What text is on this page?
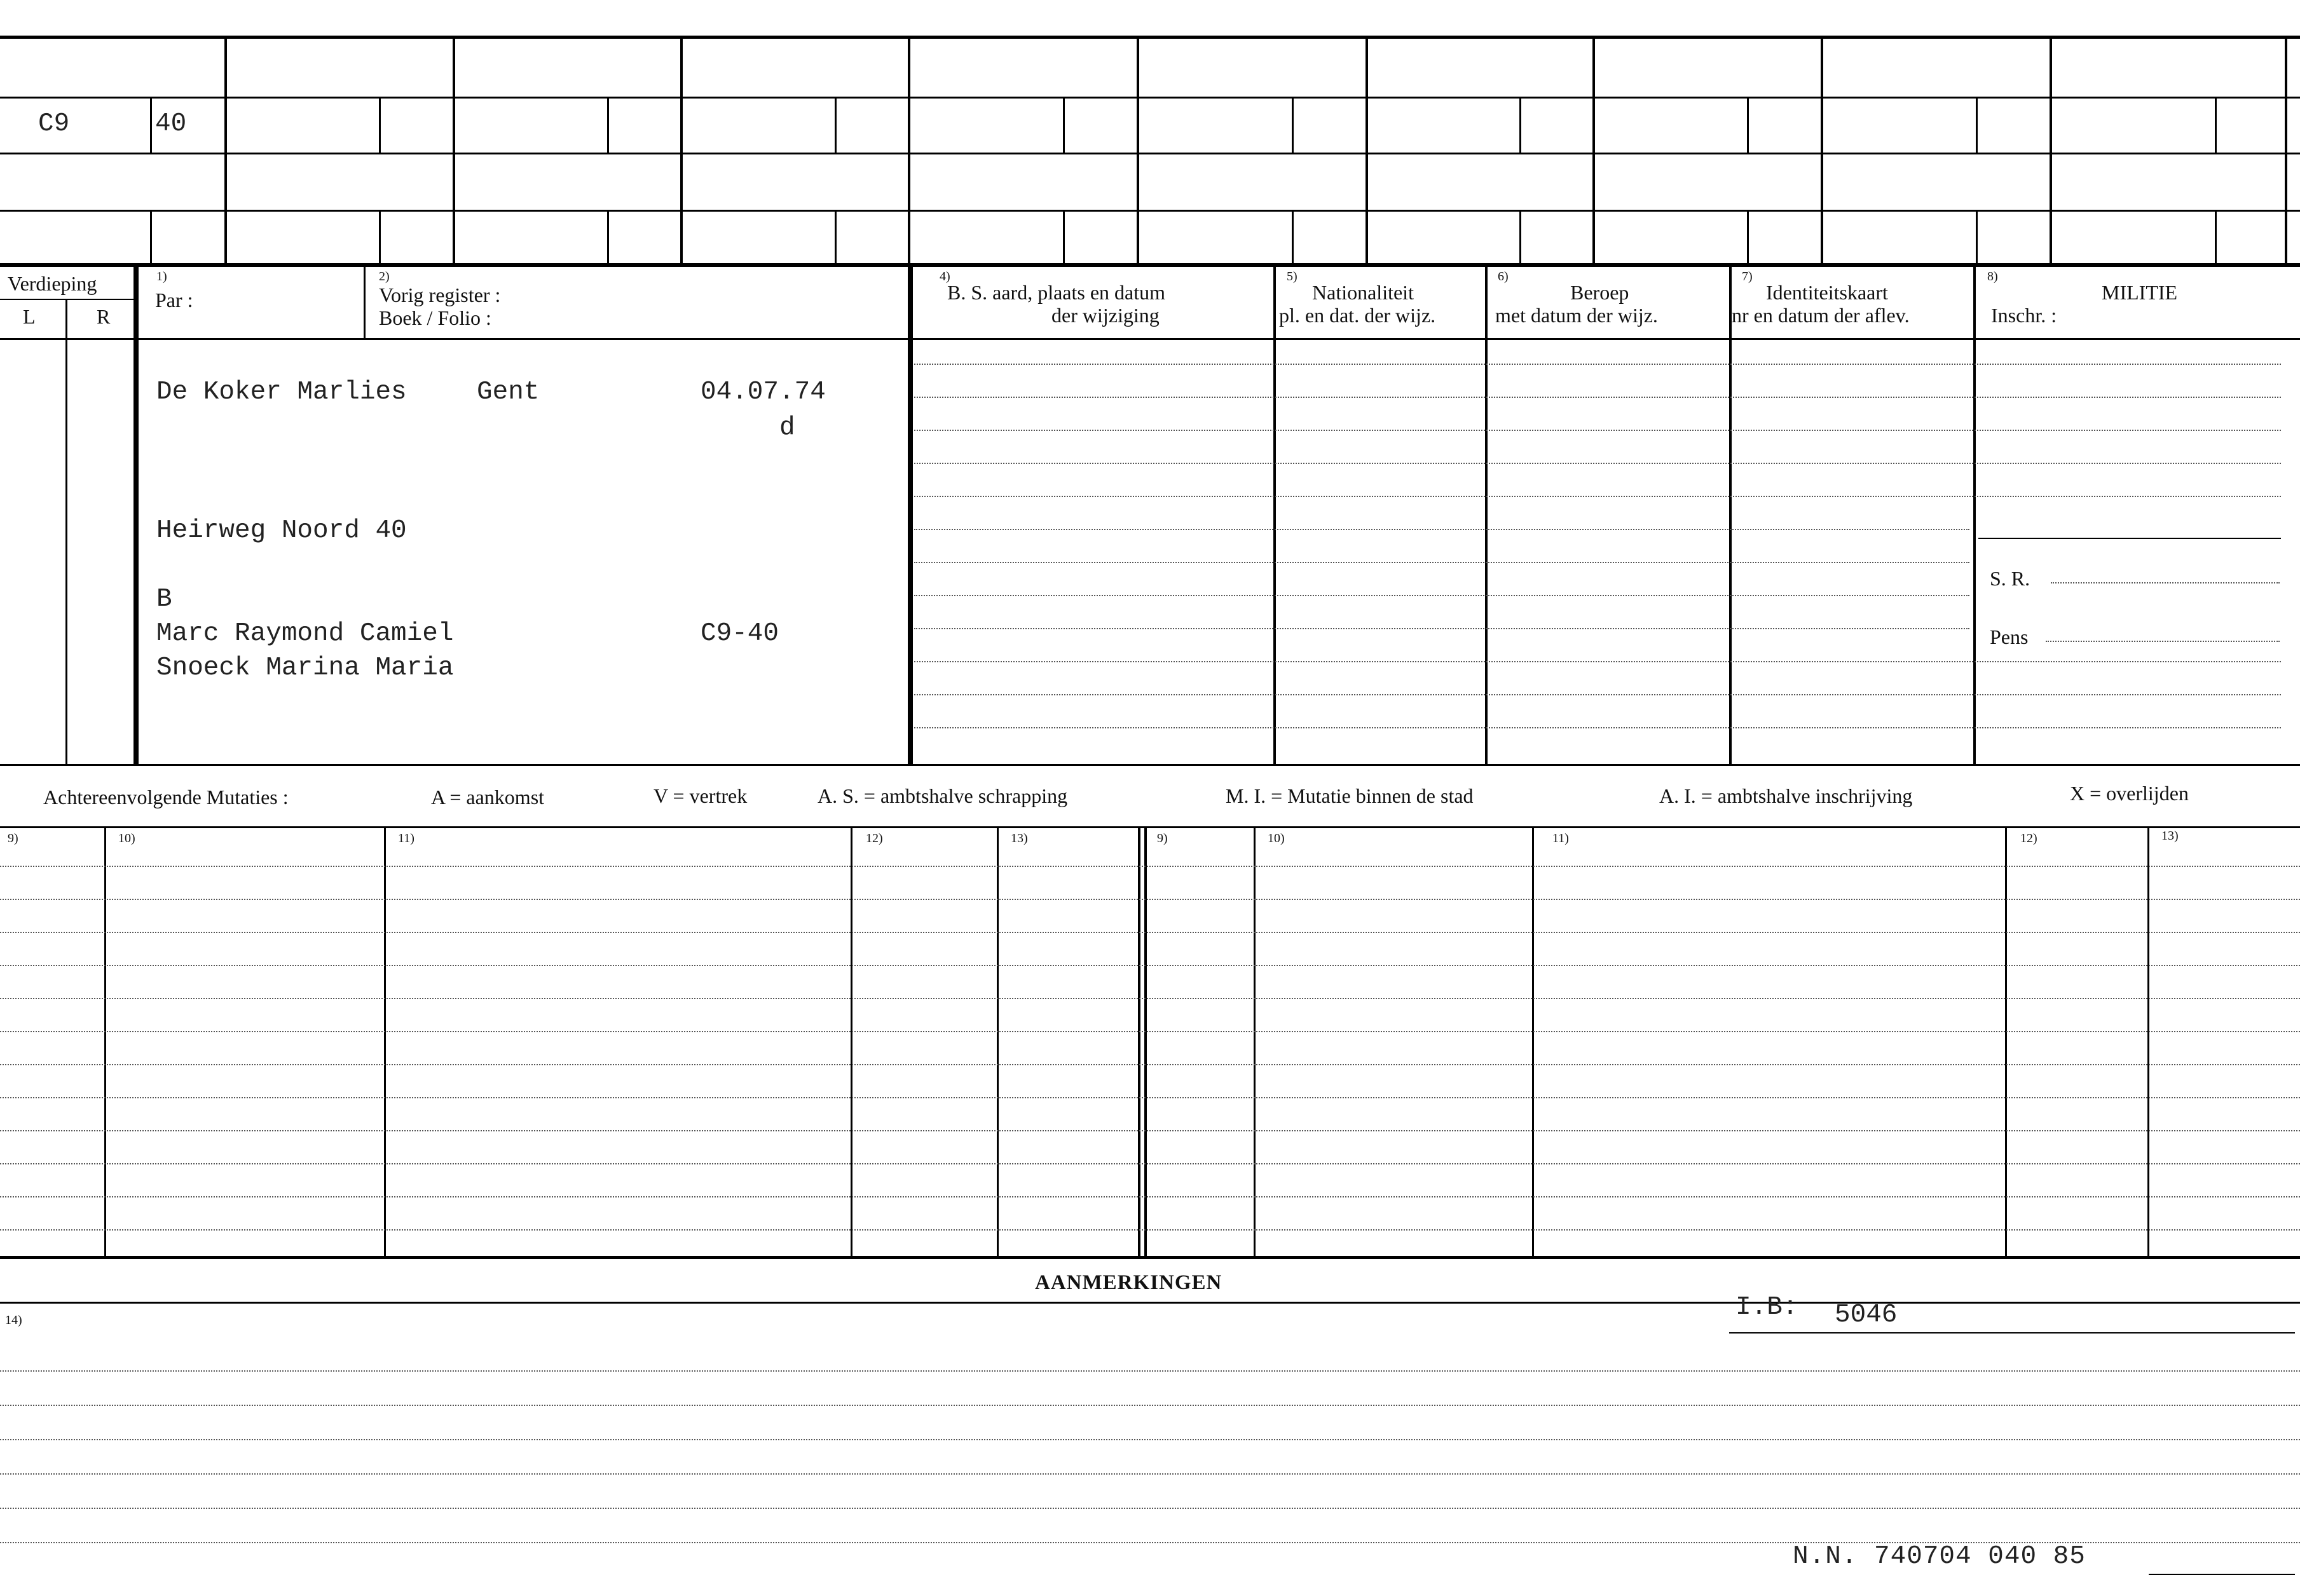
C9	40
Verdieping
L	R
1)
Par :
2)
Vorig register :
Boek / Folio :
4)
B. S. aard, plaats en datum
der wijziging
5)
Nationaliteit
pl. en dat. der wijz.
6)
Beroep
met datum der wijz.
7)
Identiteitskaart
nr en datum der aflev.
8)
MILITIE
Inschr. :
S. R.
Pens
De Koker Marlies	Gent	04.07.74
d
Heirweg Noord 40
B
Marc Raymond Camiel	C9-40
Snoeck Marina Maria
Achtereenvolgende Mutaties :	A = aankomst	V = vertrek	A. S. = ambtshalve schrapping	M. I. = Mutatie binnen de stad	A. I. = ambtshalve inschrijving	X = overlijden
9)	10)	11)	12)	13)	9)	10)	11)	12)	13)
AANMERKINGEN
14)	I.B: 5046
N.N. 740704 040 85
